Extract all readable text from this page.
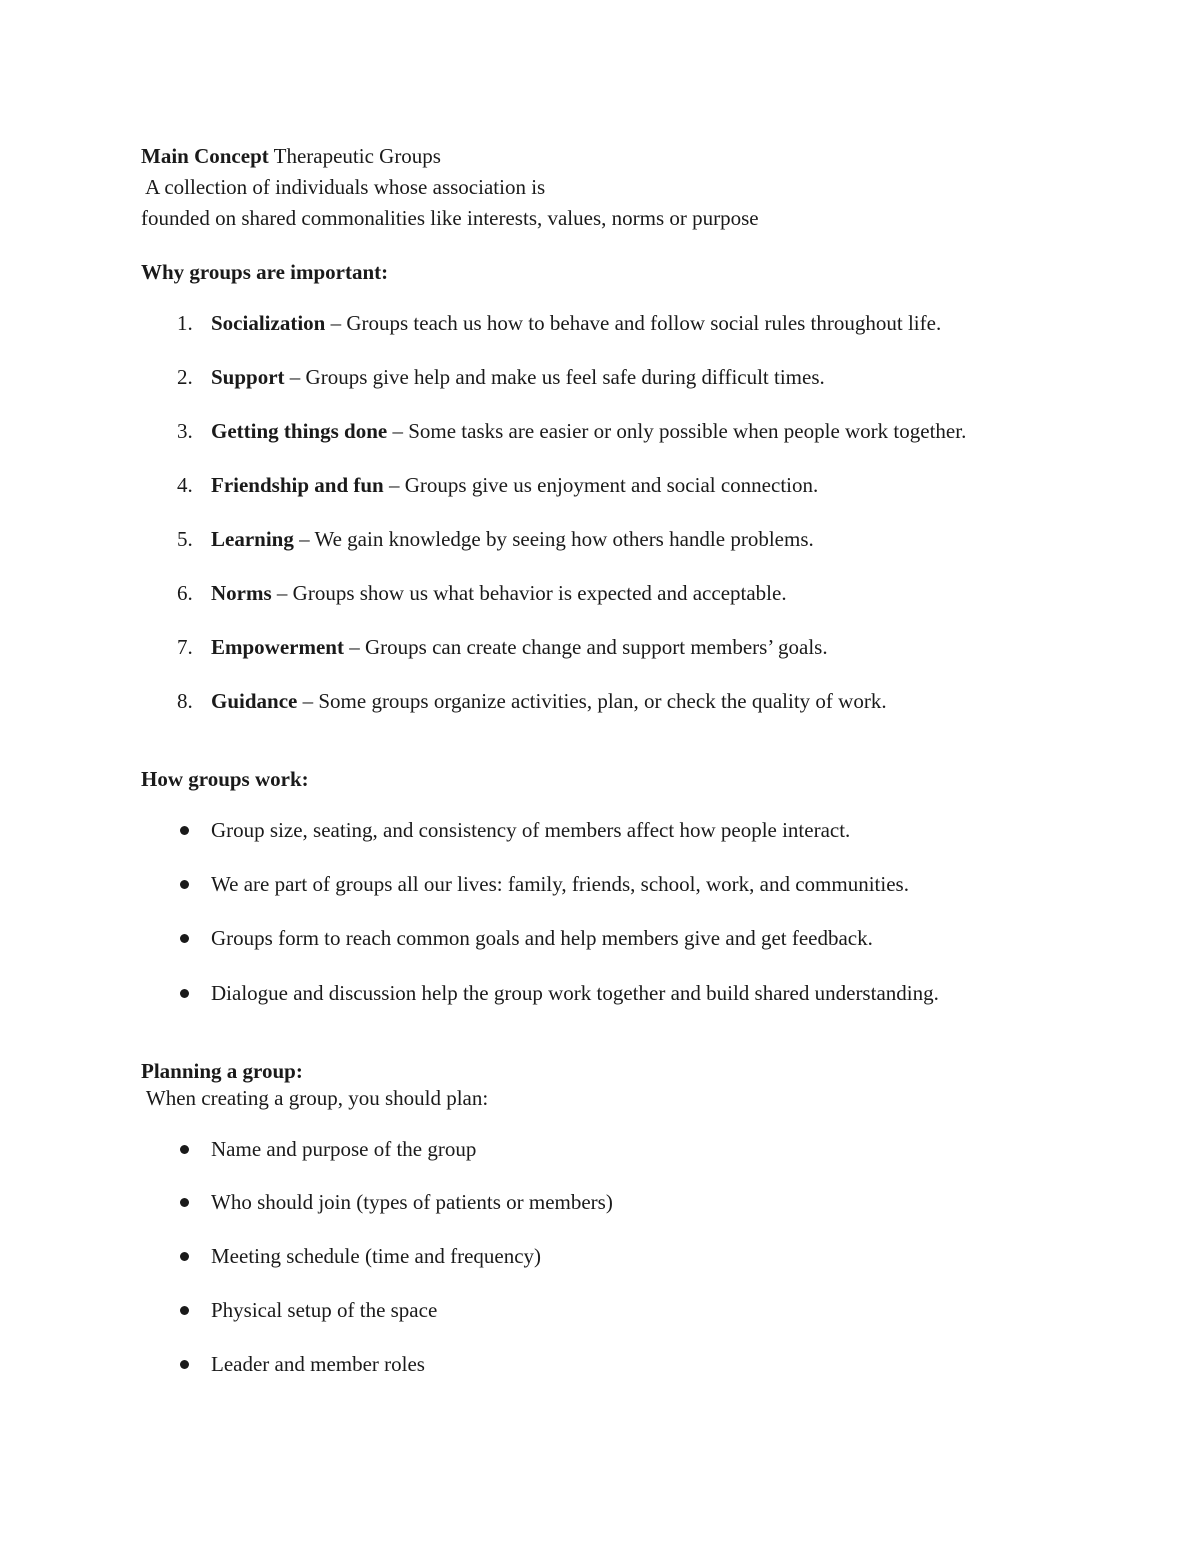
Main Concept Therapeutic Groups
A collection of individuals whose association is
founded on shared commonalities like interests, values, norms or purpose
Why groups are important:
1. Socialization – Groups teach us how to behave and follow social rules throughout life.
2. Support – Groups give help and make us feel safe during difficult times.
3. Getting things done – Some tasks are easier or only possible when people work together.
4. Friendship and fun – Groups give us enjoyment and social connection.
5. Learning – We gain knowledge by seeing how others handle problems.
6. Norms – Groups show us what behavior is expected and acceptable.
7. Empowerment – Groups can create change and support members’ goals.
8. Guidance – Some groups organize activities, plan, or check the quality of work.
How groups work:
Group size, seating, and consistency of members affect how people interact.
We are part of groups all our lives: family, friends, school, work, and communities.
Groups form to reach common goals and help members give and get feedback.
Dialogue and discussion help the group work together and build shared understanding.
Planning a group:
When creating a group, you should plan:
Name and purpose of the group
Who should join (types of patients or members)
Meeting schedule (time and frequency)
Physical setup of the space
Leader and member roles
